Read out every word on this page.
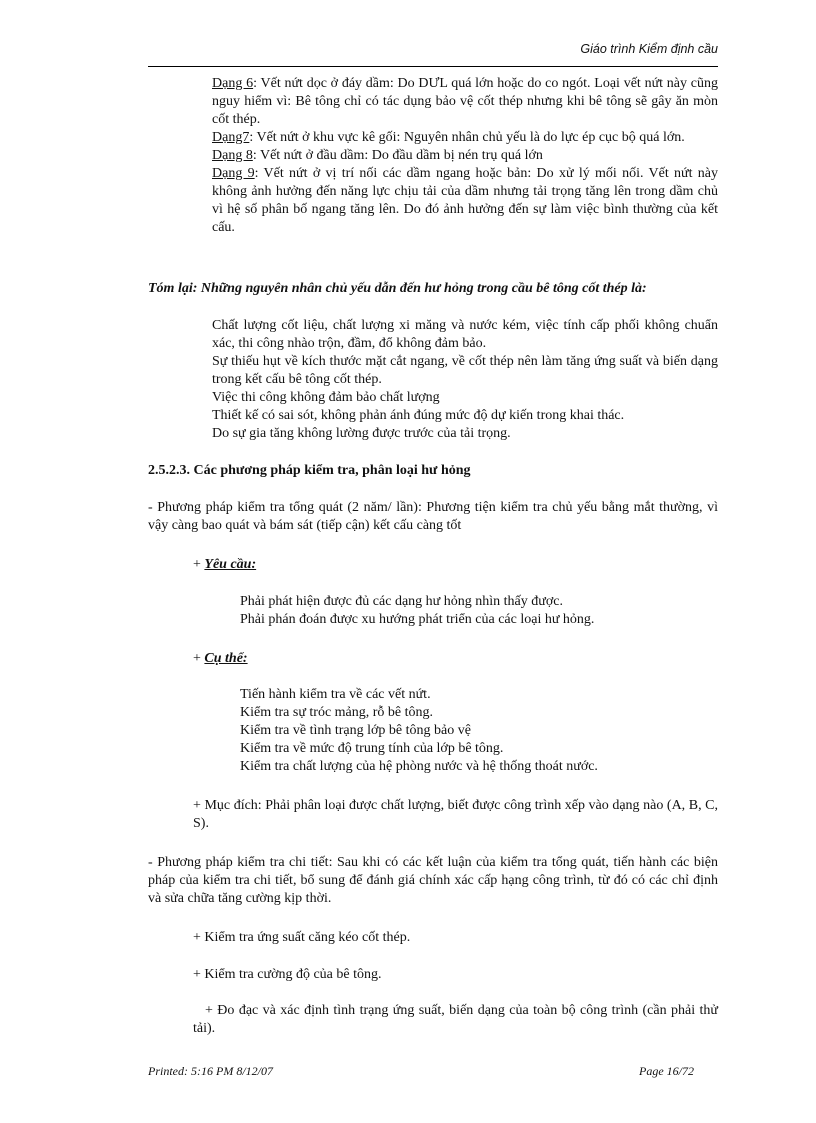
Giáo trình Kiểm định cầu
Dạng 6: Vết nứt dọc ở đáy dầm: Do DƯL quá lớn hoặc do co ngót. Loại vết nứt này cũng nguy hiểm vì: Bê tông chỉ có tác dụng bảo vệ cốt thép nhưng khi bê tông sẽ gây ăn mòn cốt thép.
Dạng7: Vết nứt ở khu vực kê gối: Nguyên nhân chủ yếu là do lực ép cục bộ quá lớn.
Dạng 8: Vết nứt ở đầu dầm: Do đầu dầm bị nén trụ quá lớn
Dạng 9: Vết nứt ở vị trí nối các dầm ngang hoặc bản: Do xử lý mối nối. Vết nứt này không ảnh hưởng đến năng lực chịu tải của dầm nhưng tải trọng tăng lên trong dầm chủ vì hệ số phân bố ngang tăng lên. Do đó ảnh hưởng đến sự làm việc bình thường của kết cấu.
Tóm lại: Những nguyên nhân chủ yếu dẫn đến hư hỏng trong cầu bê tông cốt thép là:
Chất lượng cốt liệu, chất lượng xi măng và nước kém, việc tính cấp phối không chuẩn xác, thi công nhào trộn, đầm, đổ không đảm bảo.
Sự thiếu hụt về kích thước mặt cắt ngang, về cốt thép nên làm tăng ứng suất và biến dạng trong kết cấu bê tông cốt thép.
Việc thi công không đảm bảo chất lượng
Thiết kế có sai sót, không phản ánh đúng mức độ dự kiến trong khai thác.
Do sự gia tăng không lường được trước của tải trọng.
2.5.2.3. Các phương pháp kiểm tra, phân loại hư hỏng
- Phương pháp kiểm tra tổng quát (2 năm/ lần): Phương tiện kiểm tra chủ yếu bằng mắt thường, vì vậy càng bao quát và bám sát (tiếp cận) kết cấu càng tốt
+ Yêu cầu:
Phải phát hiện được đủ các dạng hư hỏng nhìn thấy được.
Phải phán đoán được xu hướng phát triển của các loại hư hỏng.
+ Cụ thể:
Tiến hành kiểm tra về các vết nứt.
Kiểm tra sự tróc mảng, rỗ bê tông.
Kiểm tra về tình trạng lớp bê tông bảo vệ
Kiểm tra về mức độ trung tính của lớp bê tông.
Kiểm tra chất lượng của hệ phòng nước và hệ thống thoát nước.
+ Mục đích: Phải phân loại được chất lượng, biết được công trình xếp vào dạng nào (A, B, C, S).
- Phương pháp kiểm tra chi tiết: Sau khi có các kết luận của kiểm tra tổng quát, tiến hành các biện pháp của kiểm tra chi tiết, bổ sung để đánh giá chính xác cấp hạng công trình, từ đó có các chỉ định và sửa chữa tăng cường kịp thời.
+ Kiểm tra ứng suất căng kéo cốt thép.
+ Kiểm tra cường độ của bê tông.
+ Đo đạc và xác định tình trạng ứng suất, biến dạng của toàn bộ công trình (cần phải thử tải).
Printed: 5:16 PM 8/12/07	Page 16/72
